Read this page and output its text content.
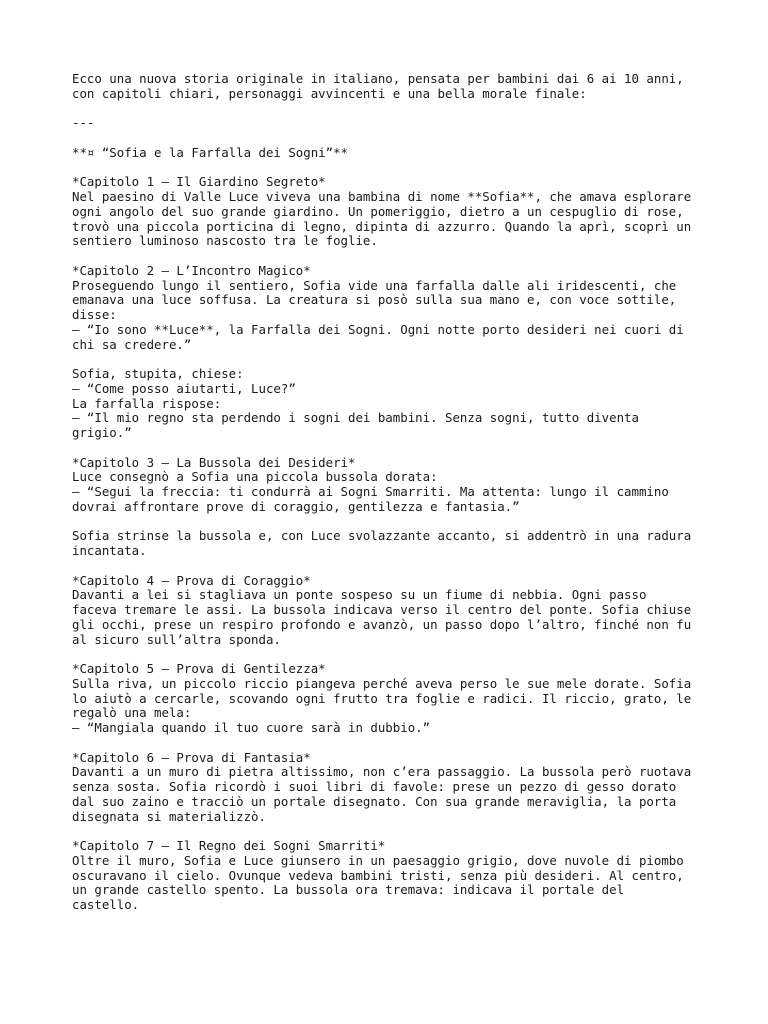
Ecco una nuova storia originale in italiano, pensata per bambini dai 6 ai 10 anni,
con capitoli chiari, personaggi avvincenti e una bella morale finale:
---
**¤ “Sofia e la Farfalla dei Sogni”**
*Capitolo 1 – Il Giardino Segreto*
Nel paesino di Valle Luce viveva una bambina di nome **Sofia**, che amava esplorare
ogni angolo del suo grande giardino. Un pomeriggio, dietro a un cespuglio di rose,
trovò una piccola porticina di legno, dipinta di azzurro. Quando la aprì, scoprì un
sentiero luminoso nascosto tra le foglie.
*Capitolo 2 – L’Incontro Magico*
Proseguendo lungo il sentiero, Sofia vide una farfalla dalle ali iridescenti, che
emanava una luce soffusa. La creatura si posò sulla sua mano e, con voce sottile,
disse:
— “Io sono **Luce**, la Farfalla dei Sogni. Ogni notte porto desideri nei cuori di
chi sa credere.”
Sofia, stupita, chiese:
— “Come posso aiutarti, Luce?”
La farfalla rispose:
— “Il mio regno sta perdendo i sogni dei bambini. Senza sogni, tutto diventa
grigio.”
*Capitolo 3 – La Bussola dei Desideri*
Luce consegnò a Sofia una piccola bussola dorata:
— “Segui la freccia: ti condurrà ai Sogni Smarriti. Ma attenta: lungo il cammino
dovrai affrontare prove di coraggio, gentilezza e fantasia.”
Sofia strinse la bussola e, con Luce svolazzante accanto, si addentrò in una radura
incantata.
*Capitolo 4 – Prova di Coraggio*
Davanti a lei si stagliava un ponte sospeso su un fiume di nebbia. Ogni passo
faceva tremare le assi. La bussola indicava verso il centro del ponte. Sofia chiuse
gli occhi, prese un respiro profondo e avanzò, un passo dopo l’altro, finché non fu
al sicuro sull’altra sponda.
*Capitolo 5 – Prova di Gentilezza*
Sulla riva, un piccolo riccio piangeva perché aveva perso le sue mele dorate. Sofia
lo aiutò a cercarle, scovando ogni frutto tra foglie e radici. Il riccio, grato, le
regalò una mela:
— “Mangiala quando il tuo cuore sarà in dubbio.”
*Capitolo 6 – Prova di Fantasia*
Davanti a un muro di pietra altissimo, non c’era passaggio. La bussola però ruotava
senza sosta. Sofia ricordò i suoi libri di favole: prese un pezzo di gesso dorato
dal suo zaino e tracciò un portale disegnato. Con sua grande meraviglia, la porta
disegnata si materializzò.
*Capitolo 7 – Il Regno dei Sogni Smarriti*
Oltre il muro, Sofia e Luce giunsero in un paesaggio grigio, dove nuvole di piombo
oscuravano il cielo. Ovunque vedeva bambini tristi, senza più desideri. Al centro,
un grande castello spento. La bussola ora tremava: indicava il portale del
castello.
